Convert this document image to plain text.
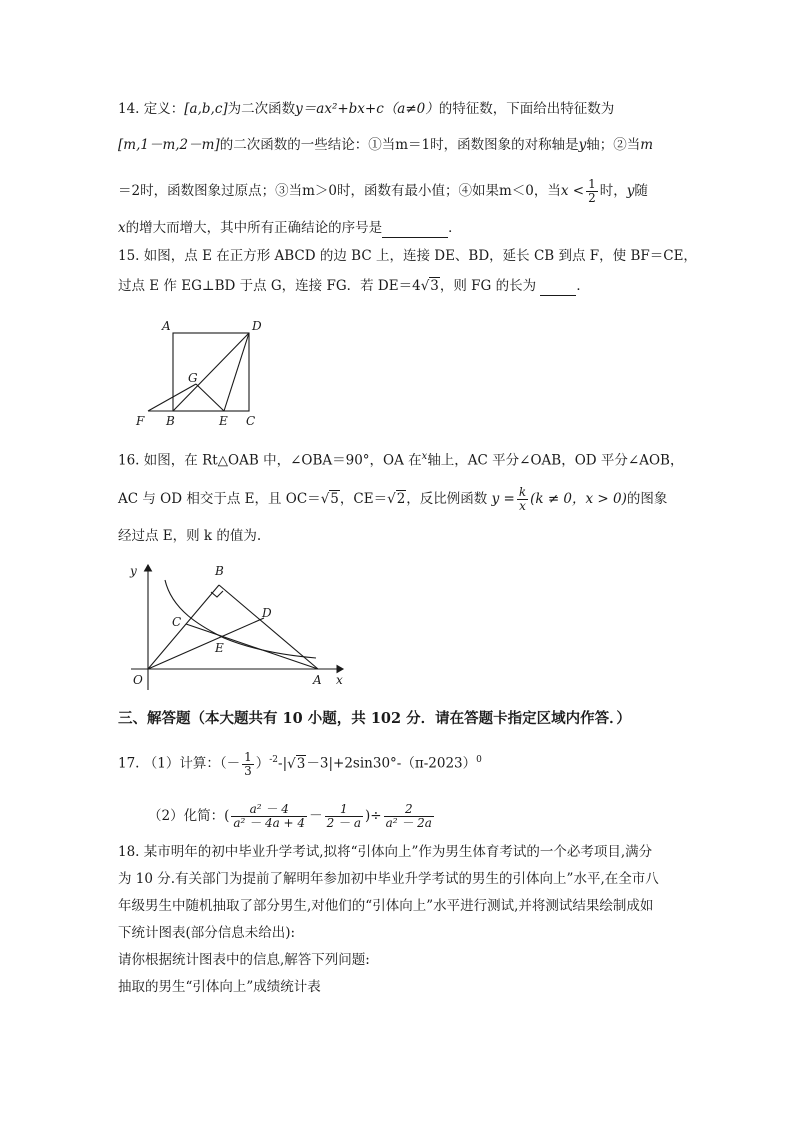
14. 定义：[a,b,c]为二次函数y＝ax²+bx+c（a≠0）的特征数，下面给出特征数为
[m,1－m,2－m]的二次函数的一些结论：①当m＝1时，函数图象的对称轴是y轴；②当m
＝2时，函数图象过原点；③当m＞0时，函数有最小值；④如果m＜0，当$x < \frac{1}{2}$ 时，y随
x的增大而增大，其中所有正确结论的序号是	．
15. 如图，点 E 在正方形 ABCD 的边 BC 上，连接 DE、BD，延长 CB 到点 F，使 BF＝CE，
过点 E 作 EG⊥BD 于点 G，连接 FG．若 DE＝4√3，则 FG 的长为	．
A	D
G
F B	E C
16. 如图，在 Rt△OAB 中，∠OBA＝90°，OA 在$^x$轴上，AC 平分∠OAB，OD 平分∠AOB，
AC 与 OD 相交于点 E，且 OC＝√5，CE＝√2，反比例函数 $y = \frac{k}{x} (k \ne 0$，x > 0)的图象
经过点 E，则 k 的值为.
y
x
O	A
B
C
D
E
三、解答题（本大题共有 10 小题，共 102 分．请在答题卡指定区域内作答．）
17. （1）计算：（－ $\frac{1}{3} )^{-2}-|√3-3|+2\sin 30^\circ-(\pi-2023)^0$
（2）化简：( $\frac{\text{a² － 4}}{\text{a² － 4a + 4}} - \frac{1}{2 - a}$ )÷ $\frac{2}{\text{a² － 2a}}$
18. 某市明年的初中毕业升学考试,拟将“引体向上”作为男生体育考试的一个必考项目,满分
为 10 分.有关部门为提前了解明年参加初中毕业升学考试的男生的引体向上”水平,在全市八
年级男生中随机抽取了部分男生,对他们的“引体向上”水平进行测试,并将测试结果绘制成如
下统计图表(部分信息未给出):
请你根据统计图表中的信息,解答下列问题:
抽取的男生“引体向上”成绩统计表
